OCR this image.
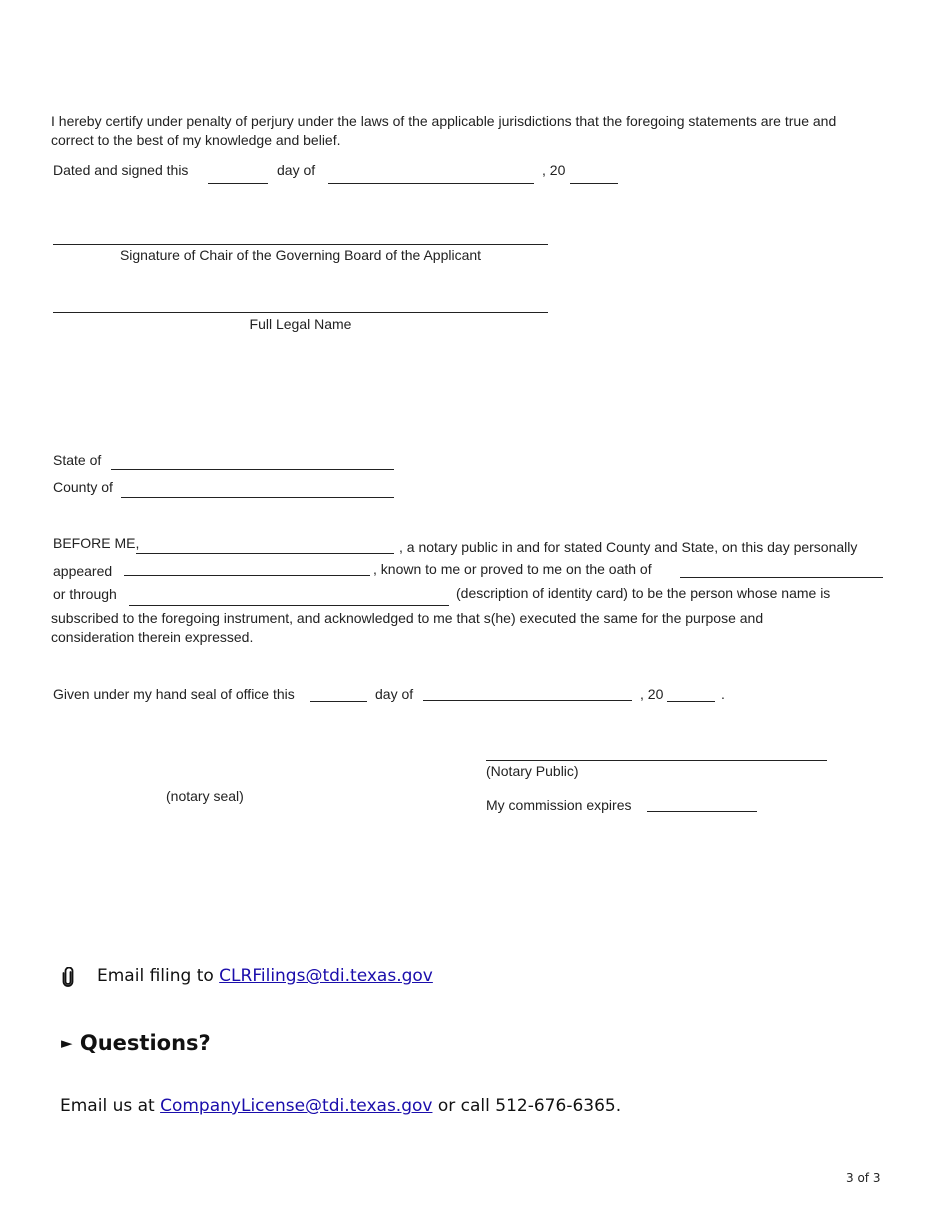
I hereby certify under penalty of perjury under the laws of the applicable jurisdictions that the foregoing statements are true and correct to the best of my knowledge and belief.
Dated and signed this	day of	, 20
Signature of Chair of the Governing Board of the Applicant
Full Legal Name
State of
County of
BEFORE ME,	, a notary public in and for stated County and State, on this day personally
appeared	, known to me or proved to me on the oath of
or through	(description of identity card) to be the person whose name is
subscribed to the foregoing instrument, and acknowledged to me that s(he) executed the same for the purpose and consideration therein expressed.
Given under my hand seal of office this	day of	, 20	.
(Notary Public)
(notary seal)
My commission expires
Email filing to CLRFilings@tdi.texas.gov
► Questions?
Email us at CompanyLicense@tdi.texas.gov or call 512-676-6365.
3 of 3
